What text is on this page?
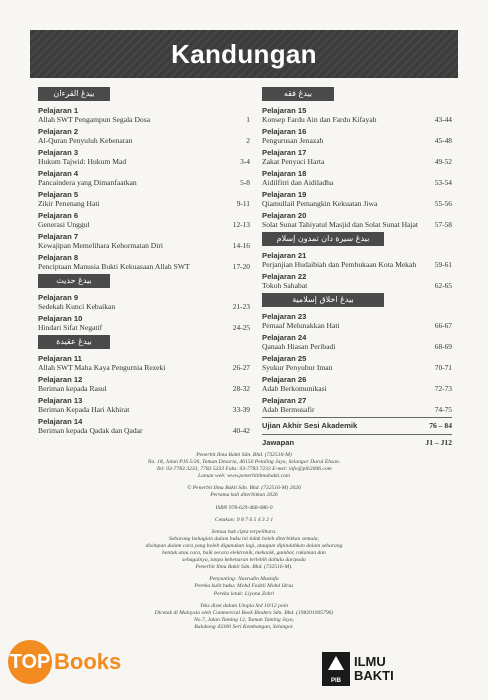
Kandungan
بيدڠ القرءان
Pelajaran 1
Allah SWT Pengampun Segala Dosa	1
Pelajaran 2
Al-Quran Penyuluh Kebenaran	2
Pelajaran 3
Hukum Tajwid: Hukum Mad	3-4
Pelajaran 4
Pancaindera yang Dimanfaatkan	5-8
Pelajaran 5
Zikir Penenang Hati	9-11
Pelajaran 6
Generasi Unggul	12-13
Pelajaran 7
Kewajipan Memelihara Kehormatan Diri	14-16
Pelajaran 8
Penciptaan Manusia Bukti Kekuasaan Allah SWT	17-20
بيدڠ حديث
Pelajaran 9
Sedekah Kunci Kebaikan	21-23
Pelajaran 10
Hindari Sifat Negatif	24-25
بيدڠ عقيدة
Pelajaran 11
Allah SWT Maha Kaya Pengurnia Rezeki	26-27
Pelajaran 12
Beriman kepada Rasul	28-32
Pelajaran 13
Beriman Kepada Hari Akhirat	33-39
Pelajaran 14
Beriman kepada Qadak dan Qadar	40-42
بيدڠ فقه
Pelajaran 15
Konsep Fardu Ain dan Fardu Kifayah	43-44
Pelajaran 16
Pengurusan Jenazah	45-48
Pelajaran 17
Zakat Penyuci Harta	49-52
Pelajaran 18
Aidilfitri dan Aidiladha	53-54
Pelajaran 19
Qiamullail Pemangkin Kekuatan Jiwa	55-56
Pelajaran 20
Solat Sunat Tahiyatul Masjid dan Solat Sunat Hajat	57-58
بيدڠ سيرة دان تمدون إسلام
Pelajaran 21
Perjanjian Hudaibiah dan Pembukaan Kota Mekah	59-61
Pelajaran 22
Tokoh Sahabat	62-65
بيدڠ اخلاق إسلامية
Pelajaran 23
Pemaaf Melunakkan Hati	66-67
Pelajaran 24
Qanaah Hiasan Peribadi	68-69
Pelajaran 25
Syukur Penyubur Iman	70-71
Pelajaran 26
Adab Berkomunikasi	72-73
Pelajaran 27
Adab Bermusafir	74-75
Ujian Akhir Sesi Akademik	76 – 84
Jawapan	J1 – J12

Penerbit Ilmu Bakti Sdn. Bhd. (732516-M)

No. 18, Jalan PJS 5/26, Taman Desaria, 46150 Petaling Jaya, Selangor Darul Ehsan.

Tel: 03-7783 3233, 7783 5233 Faks: 03-7783 7233 E-mel: info@pib2006.com

Laman web: www.penerbitilmubakti.com

© Penerbit Ilmu Bakti Sdn. Bhd. (732516-M) 2026

Pertama kali diterbitkan 2026

ISBN 978-629-468-086-9

Cetakan: 9 8 7 6 5 4 3 2 1

Semua hak cipta terpelihara.

Sebarang bahagian dalam buku ini tidak boleh diterbitkan semula,

disimpan dalam cara yang boleh digunakan lagi, ataupun dipindahkan dalam sebarang

bentuk atau cara, baik secara elektronik, mekanik, gambar, rakaman dan

sebagainya, tanpa kebenaran terlebih dahulu daripada

Penerbit Ilmu Bakti Sdn. Bhd. (732516-M).

Penyunting: Nasrudin Mustafa

Pereka kulit buku: Mohd Fadzli Mohd Idrus

Pereka letak: Liyana Zohri

Teks diset dalam Utopia Std 10/12 poin

Dicetak di Malaysia oleh Commercial Book Binders Sdn. Bhd. (198201005796)

No.7, Jalan Taming 12, Taman Taming Jaya,

Balakong 43300 Seri Kembangan, Selangor.

TOP Books
PIB
ILMU
BAKTI
